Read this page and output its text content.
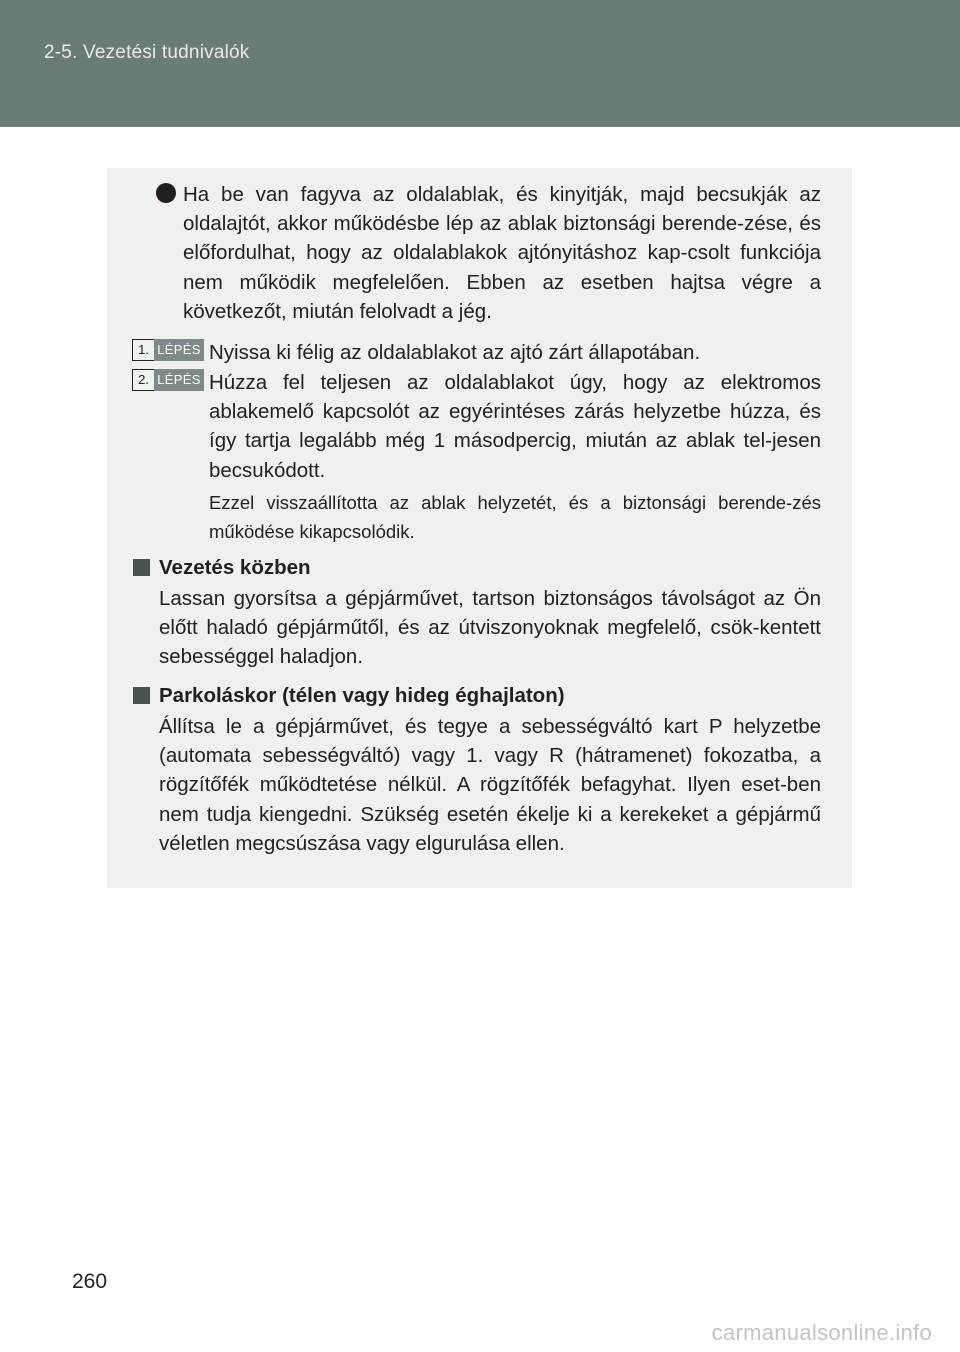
2-5. Vezetési tudnivalók

Ha be van fagyva az oldalablak, és kinyitják, majd becsukják az oldalajtót, akkor működésbe lép az ablak biztonsági berende-zése, és előfordulhat, hogy az oldalablakok ajtónyitáshoz kap-csolt funkciója nem működik megfelelően. Ebben az esetben hajtsa végre a következőt, miután felolvadt a jég.

1. LÉPÉS Nyissa ki félig az oldalablakot az ajtó zárt állapotában.

2. LÉPÉS Húzza fel teljesen az oldalablakot úgy, hogy az elektromos ablakemelő kapcsolót az egyérintéses zárás helyzetbe húzza, és így tartja legalább még 1 másodpercig, miután az ablak tel-jesen becsukódott.

Ezzel visszaállította az ablak helyzetét, és a biztonsági berende-zés működése kikapcsolódik.

Vezetés közben

Lassan gyorsítsa a gépjárművet, tartson biztonságos távolságot az Ön előtt haladó gépjárműtől, és az útviszonyoknak megfelelő, csök-kentett sebességgel haladjon.

Parkoláskor (télen vagy hideg éghajlaton)

Állítsa le a gépjárművet, és tegye a sebességváltó kart P helyzetbe (automata sebességváltó) vagy 1. vagy R (hátramenet) fokozatba, a rögzítőfék működtetése nélkül. A rögzítőfék befagyhat. Ilyen eset-ben nem tudja kiengedni. Szükség esetén ékelje ki a kerekeket a gépjármű véletlen megcsúszása vagy elgurulása ellen.

260
carmanualsonline.info
